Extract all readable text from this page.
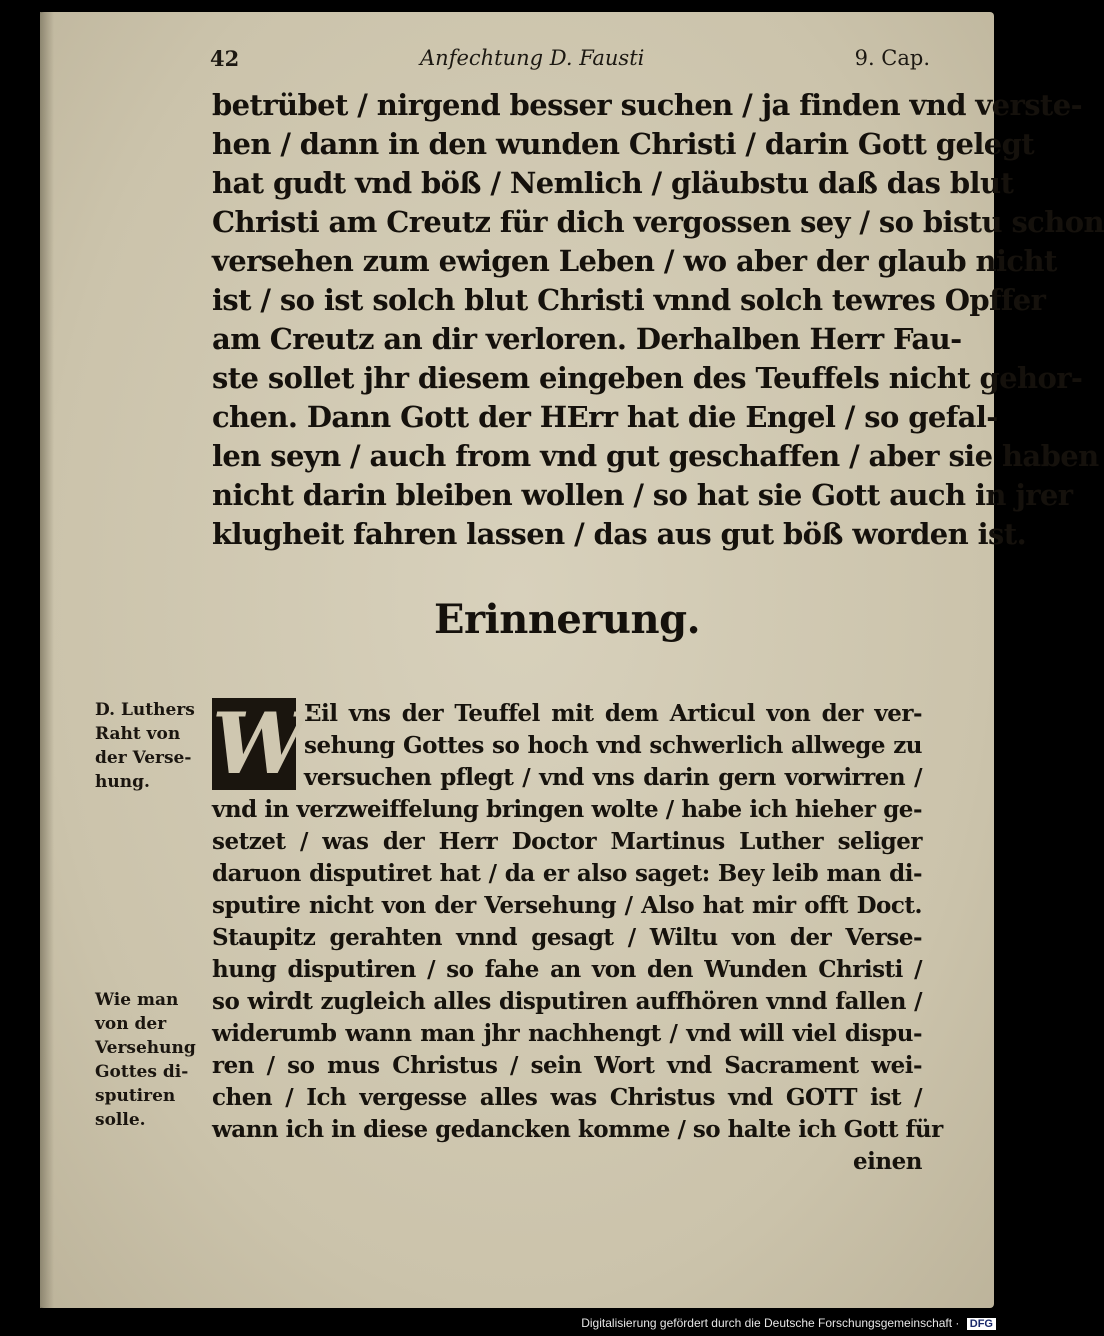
42	Anfechtung D. Fausti	9. Cap.
betrübet / nirgend besser suchen / ja finden vnd verste-
hen / dann in den wunden Christi / darin Gott gelegt
hat gudt vnd böß / Nemlich / gläubstu daß das blut
Christi am Creutz für dich vergossen sey / so bistu schon
versehen zum ewigen Leben / wo aber der glaub nicht
ist / so ist solch blut Christi vnnd solch tewres Opffer
am Creutz an dir verloren. Derhalben Herr Fau-
ste sollet jhr diesem eingeben des Teuffels nicht gehor-
chen. Dann Gott der HErr hat die Engel / so gefal-
len seyn / auch from vnd gut geschaffen / aber sie haben
nicht darin bleiben wollen / so hat sie Gott auch in jrer
klugheit fahren lassen / das aus gut böß worden ist.
Erinnerung.
D. Luthers Raht von der Verse-hung.
Wie man von der Versehung Gottes di-sputiren solle.
Eil vns der Teuffel mit dem Articul von der ver-
sehung Gottes so hoch vnd schwerlich allwege zu
versuchen pflegt / vnd vns darin gern vorwirren /
vnd in verzweiffelung bringen wolte / habe ich hieher ge-
setzet / was der Herr Doctor Martinus Luther seliger
daruon disputiret hat / da er also saget: Bey leib man di-
sputire nicht von der Versehung / Also hat mir offt Doct.
Staupitz gerahten vnnd gesagt / Wiltu von der Verse-
hung disputiren / so fahe an von den Wunden Christi /
so wirdt zugleich alles disputiren auffhören vnnd fallen /
widerumb wann man jhr nachhengt / vnd will viel dispu-
ren / so mus Christus / sein Wort vnd Sacrament wei-
chen / Ich vergesse alles was Christus vnd GOTT ist /
wann ich in diese gedancken komme / so halte ich Gott für
einen
W
Digitalisierung gefördert durch die Deutsche Forschungsgemeinschaft · DFG
